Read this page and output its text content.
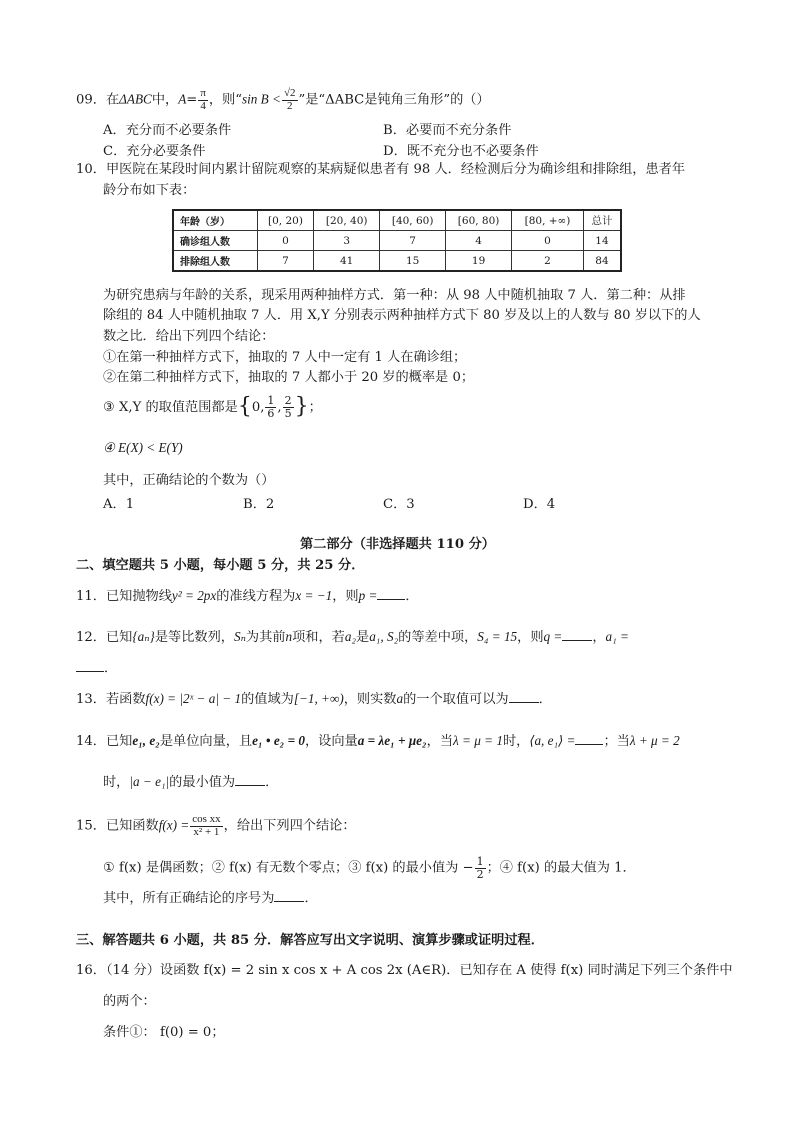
09．在ΔABC中，$A= \frac{\pi}{4}$ ，则“sin $B < \frac{√2}{2}$ ”是“ΔABC是钝角三角形”的（）
A．充分而不必要条件	B．必要而不充分条件
C．充分必要条件	D．既不充分也不必要条件
10．甲医院在某段时间内累计留院观察的某病疑似患者有 98 人．经检测后分为确诊组和排除组，患者年
龄分布如下表：
年龄（岁）	[0, 20)	[20, 40)	[40, 60)	[60, 80)	[80, +∞)	总计
确诊组人数	0	3	7	4	0	14
排除组人数	7	41	15	19	2	84
为研究患病与年龄的关系，现采用两种抽样方式．第一种：从 98 人中随机抽取 7 人．第二种：从排
除组的 84 人中随机抽取 7 人．用 X,Y 分别表示两种抽样方式下 80 岁及以上的人数与 80 岁以下的人
数之比．给出下列四个结论：
①在第一种抽样方式下，抽取的 7 人中一定有 1 人在确诊组；
②在第二种抽样方式下，抽取的 7 人都小于 20 岁的概率是 0；
③ X,Y 的取值范围都是{0, $\frac{1}{6}$ , $\frac{2}{5}$ }；
④ E(X) < E(Y)
其中，正确结论的个数为（）
A．1	B．2	C．3	D．4
第二部分（非选择题共 110 分）
二、填空题共 5 小题，每小题 5 分，共 25 分．
11．已知抛物线y² = 2px的准线方程为x = −1，则p = ．
12．已知{aₙ}是等比数列，Sₙ为其前n项和，若a₂是a₁, S₂的等差中项，S₄ = 15，则q = ，a₁ =
．
13．若函数f(x) = |2ˣ − a| − 1的值域为[−1, +∞)，则实数a的一个取值可以为 ．
14．已知e₁, e₂是单位向量，且e₁ • e₂ = 0，设向量a = λe₁ + μe₂，当λ = μ = 1时，⟨a, e₁⟩ = ；当λ + μ = 2
时，|a − e₁|的最小值为 ．
15．已知函数$f(x) = \frac{\text{cos xx}}{\text{x² + 1}}$ ，给出下列四个结论：
① f(x) 是偶函数；② f(x) 有无数个零点；③ f(x) 的最小值为 − $\frac{1}{2}$ ；④ f(x) 的最大值为 1．
其中，所有正确结论的序号为 ．
三、解答题共 6 小题，共 85 分．解答应写出文字说明、演算步骤或证明过程．
16．（14 分）设函数 f(x) = 2 sin x cos x + A cos 2x (A∈R)．已知存在 A 使得 f(x) 同时满足下列三个条件中
的两个：
条件①： f(0) = 0；
